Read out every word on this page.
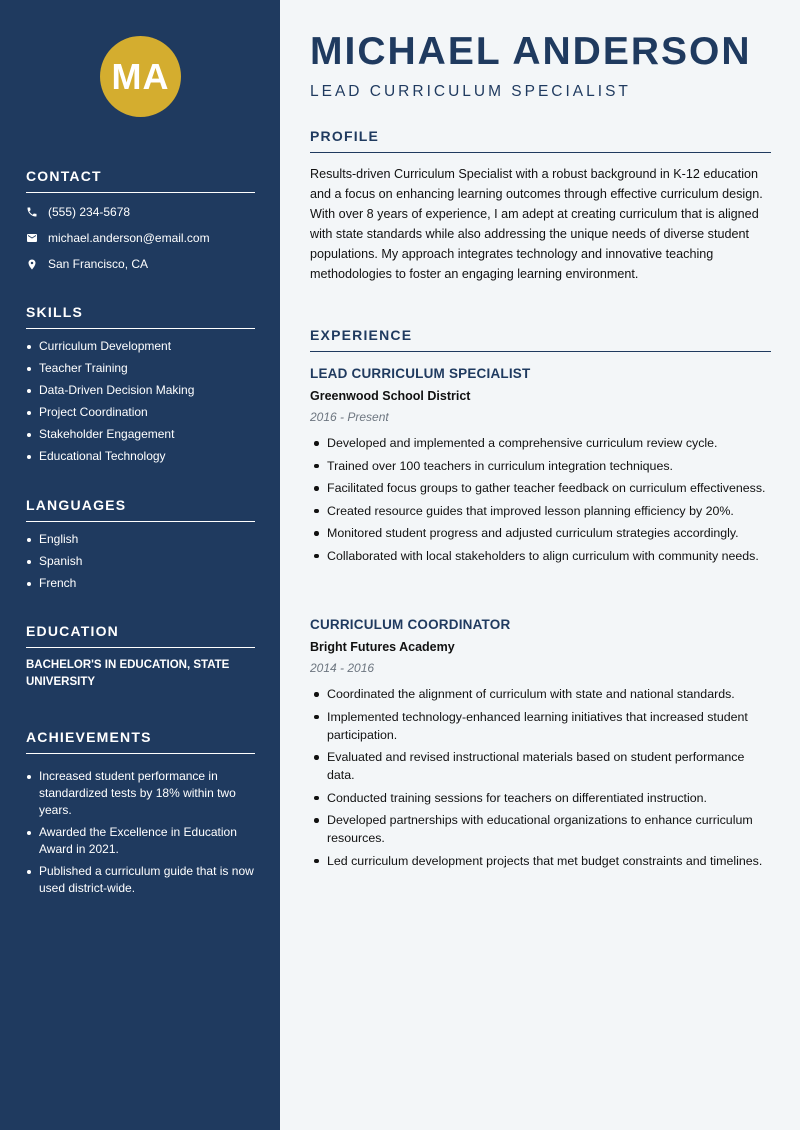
MA
CONTACT
(555) 234-5678
michael.anderson@email.com
San Francisco, CA
SKILLS
Curriculum Development
Teacher Training
Data-Driven Decision Making
Project Coordination
Stakeholder Engagement
Educational Technology
LANGUAGES
English
Spanish
French
EDUCATION
BACHELOR'S IN EDUCATION, STATE UNIVERSITY
ACHIEVEMENTS
Increased student performance in standardized tests by 18% within two years.
Awarded the Excellence in Education Award in 2021.
Published a curriculum guide that is now used district-wide.
MICHAEL ANDERSON
LEAD CURRICULUM SPECIALIST
PROFILE

Results-driven Curriculum Specialist with a robust background in K-12 education and a focus on enhancing learning outcomes through effective curriculum design. With over 8 years of experience, I am adept at creating curriculum that is aligned with state standards while also addressing the unique needs of diverse student populations. My approach integrates technology and innovative teaching methodologies to foster an engaging learning environment.

EXPERIENCE
LEAD CURRICULUM SPECIALIST
Greenwood School District
2016 - Present
Developed and implemented a comprehensive curriculum review cycle.
Trained over 100 teachers in curriculum integration techniques.
Facilitated focus groups to gather teacher feedback on curriculum effectiveness.
Created resource guides that improved lesson planning efficiency by 20%.
Monitored student progress and adjusted curriculum strategies accordingly.
Collaborated with local stakeholders to align curriculum with community needs.
CURRICULUM COORDINATOR
Bright Futures Academy
2014 - 2016
Coordinated the alignment of curriculum with state and national standards.
Implemented technology-enhanced learning initiatives that increased student participation.
Evaluated and revised instructional materials based on student performance data.
Conducted training sessions for teachers on differentiated instruction.
Developed partnerships with educational organizations to enhance curriculum resources.
Led curriculum development projects that met budget constraints and timelines.
